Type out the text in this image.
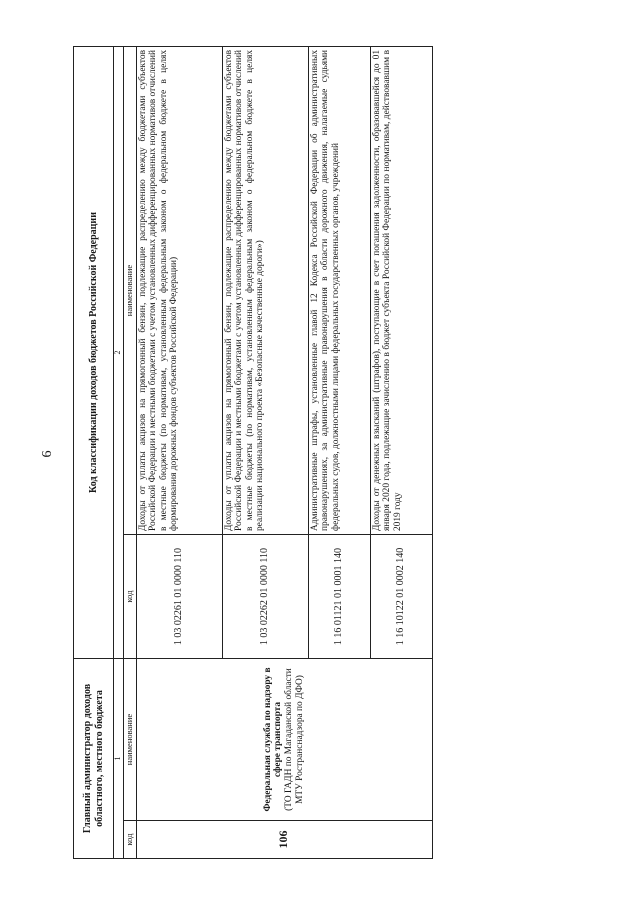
6
Главный администратор доходов областного, местного бюджета		Код классификации доходов бюджетов Российской Федерации	
1		2	
код	наименование	код	наименование
106	Федеральная служба по надзору в сфере транспорта (ТО ГАДН по Магаданской области МТУ Ространснадзора по ДФО)	1 03 02261 01 0000 110	Доходы от уплаты акцизов на прямогонный бензин, подлежащие распределению между бюджетами субъектов Российской Федерации и местными бюджетами с учетом установленных дифференцированных нормативов отчислений в местные бюджеты (по нормативам, установленным федеральным законом о федеральном бюджете в целях формирования дорожных фондов субъектов Российской Федерации)
		1 03 02262 01 0000 110	Доходы от уплаты акцизов на прямогонный бензин, подлежащие распределению между бюджетами субъектов Российской Федерации и местными бюджетами с учетом установленных дифференцированных нормативов отчислений в местные бюджеты (по нормативам, установленным федеральным законом о федеральном бюджете в целях реализации национального проекта «Безопасные качественные дороги»)
		1 16 01121 01 0001 140	Административные штрафы, установленные главой 12 Кодекса Российской Федерации об административных правонарушениях, за административные правонарушения в области дорожного движения, налагаемые судьями федеральных судов, должностными лицами федеральных государственных органов, учреждений
		1 16 10122 01 0002 140	Доходы от денежных взысканий (штрафов), поступающие в счет погашения задолженности, образовавшейся до 01 января 2020 года, подлежащие зачислению в бюджет субъекта Российской Федерации по нормативам, действовавшим в 2019 году
